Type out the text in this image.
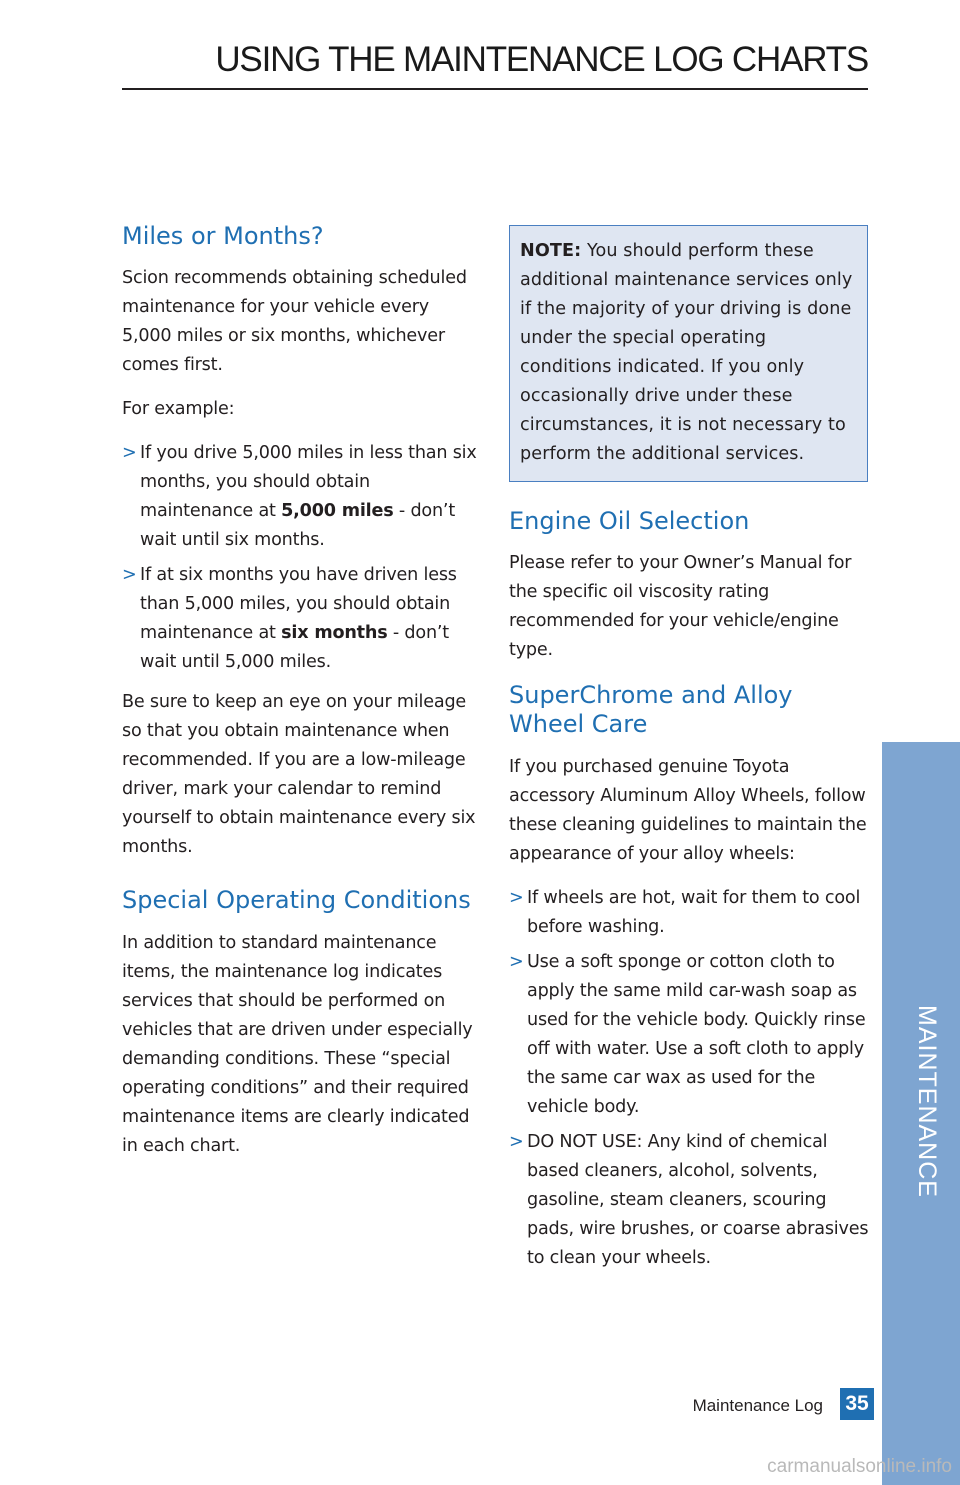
USING THE MAINTENANCE LOG CHARTS
Miles or Months?

Scion recommends obtaining scheduled maintenance for your vehicle every 5,000 miles or six months, whichever comes first.

For example:

> If you drive 5,000 miles in less than six months, you should obtain maintenance at 5,000 miles - don’t wait until six months.
> If at six months you have driven less than 5,000 miles, you should obtain maintenance at six months - don’t wait until 5,000 miles.

Be sure to keep an eye on your mileage so that you obtain maintenance when recommended. If you are a low-mileage driver, mark your calendar to remind yourself to obtain maintenance every six months.

Special Operating Conditions

In addition to standard maintenance items, the maintenance log indicates services that should be performed on vehicles that are driven under especially demanding conditions. These “special operating conditions” and their required maintenance items are clearly indicated in each chart.

NOTE: You should perform these additional maintenance services only if the majority of your driving is done under the special operating conditions indicated. If you only occasionally drive under these circumstances, it is not necessary to perform the additional services.

Engine Oil Selection

Please refer to your Owner’s Manual for the specific oil viscosity rating recommended for your vehicle/engine type.

SuperChrome and Alloy
Wheel Care

If you purchased genuine Toyota accessory Aluminum Alloy Wheels, follow these cleaning guidelines to maintain the appearance of your alloy wheels:

> If wheels are hot, wait for them to cool before washing.
> Use a soft sponge or cotton cloth to apply the same mild car-wash soap as used for the vehicle body. Quickly rinse off with water. Use a soft cloth to apply the same car wax as used for the vehicle body.
> DO NOT USE: Any kind of chemical based cleaners, alcohol, solvents, gasoline, steam cleaners, scouring pads, wire brushes, or coarse abrasives to clean your wheels.
MAINTENANCE
Maintenance Log 35
carmanualsonline.info
